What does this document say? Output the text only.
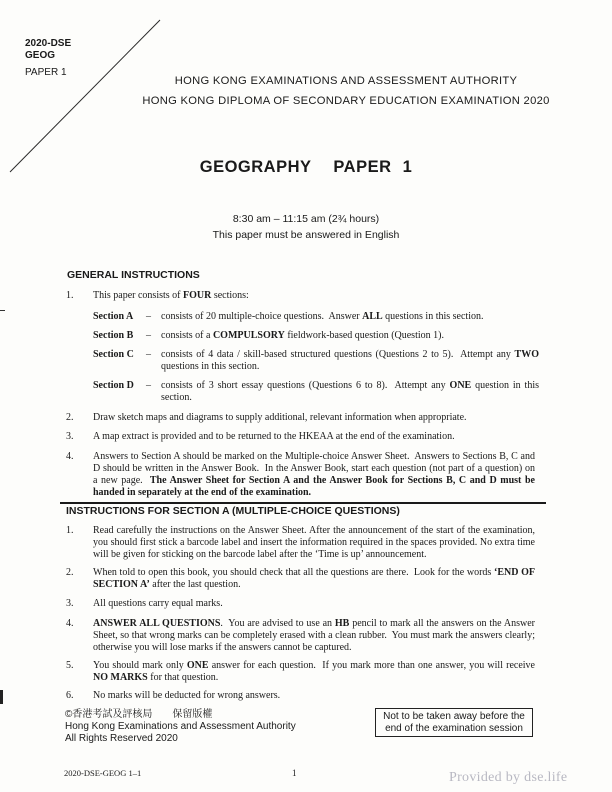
2020-DSE
GEOG
PAPER 1
HONG KONG EXAMINATIONS AND ASSESSMENT AUTHORITY
HONG KONG DIPLOMA OF SECONDARY EDUCATION EXAMINATION 2020
GEOGRAPHY  PAPER 1
8:30 am – 11:15 am (2¾ hours)
This paper must be answered in English
GENERAL INSTRUCTIONS
1. This paper consists of FOUR sections:
Section A – consists of 20 multiple-choice questions.  Answer ALL questions in this section.
Section B – consists of a COMPULSORY fieldwork-based question (Question 1).
Section C – consists of 4 data / skill-based structured questions (Questions 2 to 5).  Attempt any TWO questions in this section.
Section D – consists of 3 short essay questions (Questions 6 to 8).  Attempt any ONE question in this section.
2. Draw sketch maps and diagrams to supply additional, relevant information when appropriate.
3. A map extract is provided and to be returned to the HKEAA at the end of the examination.
4. Answers to Section A should be marked on the Multiple-choice Answer Sheet.  Answers to Sections B, C and D should be written in the Answer Book.  In the Answer Book, start each question (not part of a question) on a new page.  The Answer Sheet for Section A and the Answer Book for Sections B, C and D must be handed in separately at the end of the examination.
INSTRUCTIONS FOR SECTION A (MULTIPLE-CHOICE QUESTIONS)
1. Read carefully the instructions on the Answer Sheet. After the announcement of the start of the examination, you should first stick a barcode label and insert the information required in the spaces provided. No extra time will be given for sticking on the barcode label after the ‘Time is up’ announcement.
2. When told to open this book, you should check that all the questions are there.  Look for the words ‘END OF SECTION A’ after the last question.
3. All questions carry equal marks.
4. ANSWER ALL QUESTIONS.  You are advised to use an HB pencil to mark all the answers on the Answer Sheet, so that wrong marks can be completely erased with a clean rubber.  You must mark the answers clearly; otherwise you will lose marks if the answers cannot be captured.
5. You should mark only ONE answer for each question.  If you mark more than one answer, you will receive NO MARKS for that question.
6. No marks will be deducted for wrong answers.
©香港考試及評核局　　保留版權
Hong Kong Examinations and Assessment Authority
All Rights Reserved 2020
Not to be taken away before the
end of the examination session
2020-DSE-GEOG 1–1	1	Provided by dse.life
